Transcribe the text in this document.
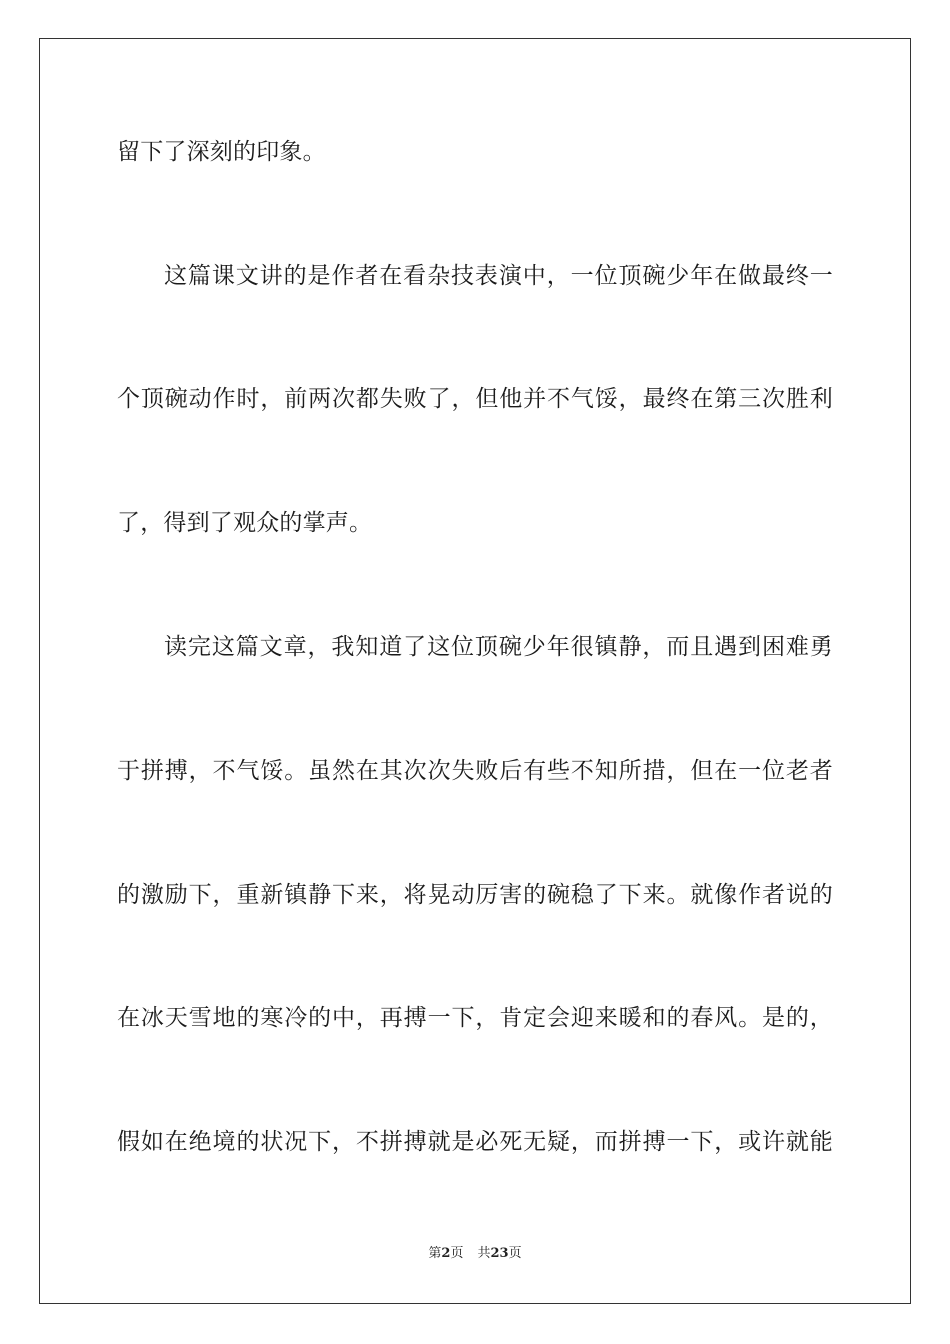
留下了深刻的印象。
这篇课文讲的是作者在看杂技表演中，一位顶碗少年在做最终一
个顶碗动作时，前两次都失败了，但他并不气馁，最终在第三次胜利
了，得到了观众的掌声。
读完这篇文章，我知道了这位顶碗少年很镇静，而且遇到困难勇
于拼搏，不气馁。虽然在其次次失败后有些不知所措，但在一位老者
的激励下，重新镇静下来，将晃动厉害的碗稳了下来。就像作者说的
在冰天雪地的寒冷的中，再搏一下，肯定会迎来暖和的春风。是的，
假如在绝境的状况下，不拼搏就是必死无疑，而拼搏一下，或许就能
第2页 共23页
